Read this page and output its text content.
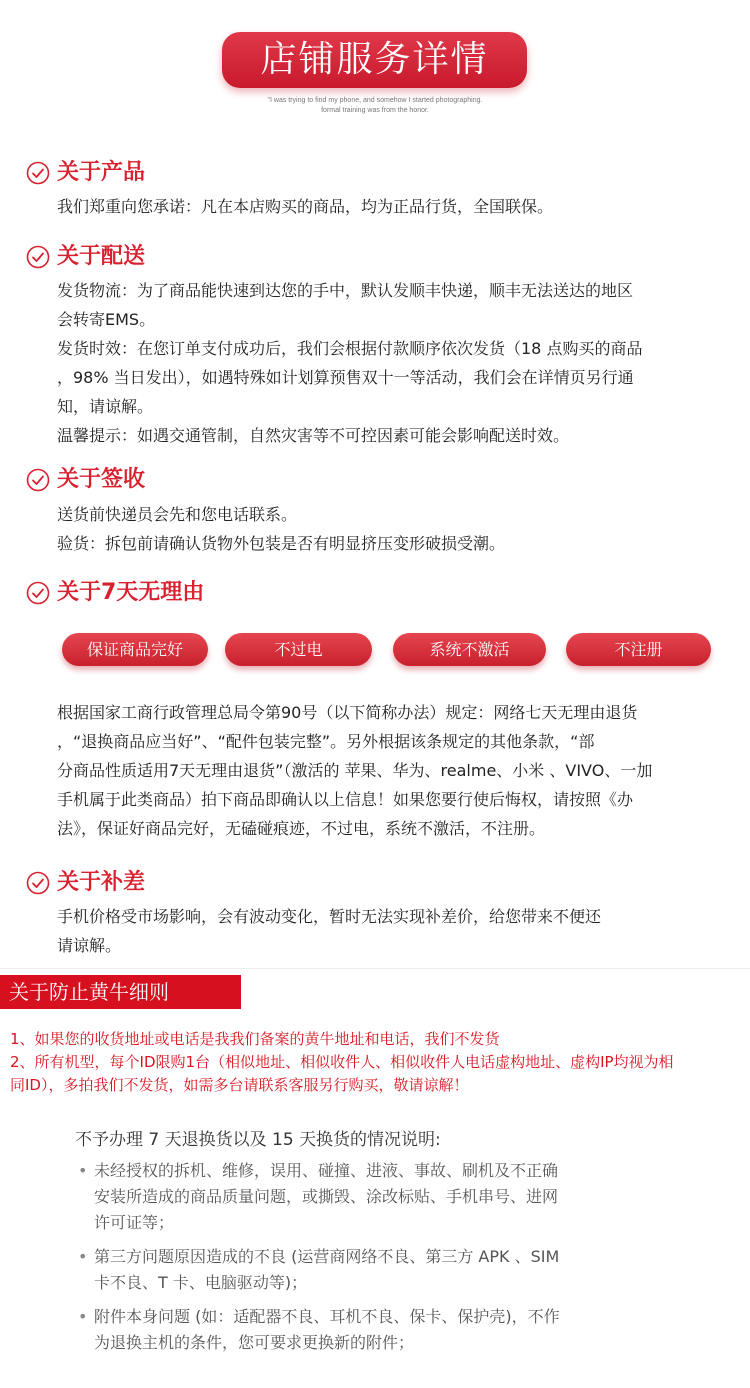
店铺服务详情
"I was trying to find my phone, and somehow I started photographing.
formal training was from the honor.
关于产品
我们郑重向您承诺：凡在本店购买的商品，均为正品行货，全国联保。
关于配送
发货物流：为了商品能快速到达您的手中，默认发顺丰快递，顺丰无法送达的地区
会转寄EMS。
发货时效：在您订单支付成功后，我们会根据付款顺序依次发货（18 点购买的商品
，98% 当日发出），如遇特殊如计划算预售双十一等活动，我们会在详情页另行通
知，请谅解。
温馨提示：如遇交通管制，自然灾害等不可控因素可能会影响配送时效。
关于签收
送货前快递员会先和您电话联系。
验货：拆包前请确认货物外包装是否有明显挤压变形破损受潮。
关于7天无理由
保证商品完好	不过电	系统不激活	不注册
根据国家工商行政管理总局令第90号（以下简称办法）规定：网络七天无理由退货
，“退换商品应当好”、“配件包装完整”。另外根据该条规定的其他条款，“部
分商品性质适用7天无理由退货”（激活的 苹果、华为、realme、小米 、VIVO、一加
手机属于此类商品）拍下商品即确认以上信息！如果您要行使后悔权，请按照《办
法》，保证好商品完好，无磕碰痕迹，不过电，系统不激活，不注册。
关于补差
手机价格受市场影响，会有波动变化，暂时无法实现补差价，给您带来不便还
请谅解。
关于防止黄牛细则
1、如果您的收货地址或电话是我我们备案的黄牛地址和电话，我们不发货
2、所有机型，每个ID限购1台（相似地址、相似收件人、相似收件人电话虚构地址、虚构IP均视为相
同ID），多拍我们不发货，如需多台请联系客服另行购买，敬请谅解！
不予办理 7 天退换货以及 15 天换货的情况说明:
• 未经授权的拆机、维修，误用、碰撞、进液、事故、刷机及不正确
安装所造成的商品质量问题，或撕毁、涂改标贴、手机串号、进网
许可证等；
• 第三方问题原因造成的不良 (运营商网络不良、第三方 APK 、SIM
卡不良、T 卡、电脑驱动等)；
• 附件本身问题 (如：适配器不良、耳机不良、保卡、保护壳)，不作
为退换主机的条件，您可要求更换新的附件；
